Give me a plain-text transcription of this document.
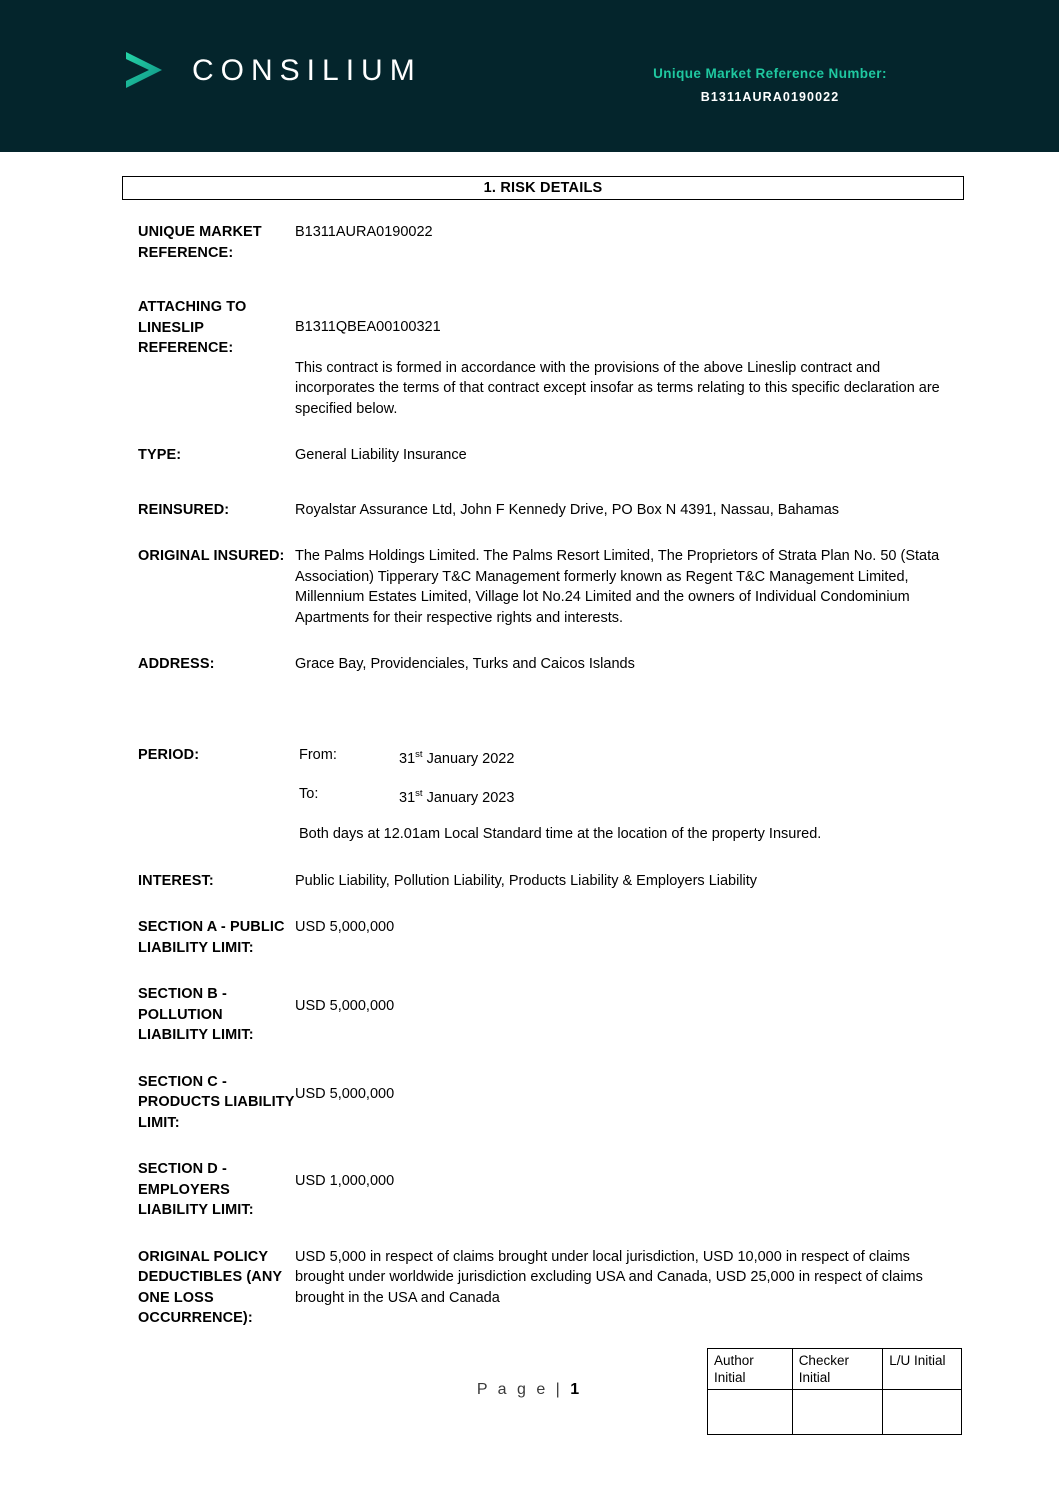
CONSILIUM	Unique Market Reference Number:
B1311AURA0190022
1. RISK DETAILS
UNIQUE MARKET REFERENCE:
B1311AURA0190022
ATTACHING TO LINESLIP REFERENCE:
B1311QBEA00100321
This contract is formed in accordance with the provisions of the above Lineslip contract and incorporates the terms of that contract except insofar as terms relating to this specific declaration are specified below.
TYPE:	General Liability Insurance
REINSURED:	Royalstar Assurance Ltd, John F Kennedy Drive, PO Box N 4391, Nassau, Bahamas
ORIGINAL INSURED: The Palms Holdings Limited. The Palms Resort Limited, The Proprietors of Strata Plan No. 50 (Stata Association) Tipperary T&C Management formerly known as Regent T&C Management Limited, Millennium Estates Limited, Village lot No.24 Limited and the owners of Individual Condominium Apartments for their respective rights and interests.
ADDRESS:	Grace Bay, Providenciales, Turks and Caicos Islands
PERIOD:	From:	31st January 2022
To:	31st January 2023
Both days at 12.01am Local Standard time at the location of the property Insured.
INTEREST:	Public Liability, Pollution Liability, Products Liability & Employers Liability
SECTION A - PUBLIC LIABILITY LIMIT:
USD 5,000,000
SECTION B - POLLUTION LIABILITY LIMIT:
USD 5,000,000
SECTION C - PRODUCTS LIABILITY LIMIT:
USD 5,000,000
SECTION D - EMPLOYERS LIABILITY LIMIT:
USD 1,000,000
ORIGINAL POLICY DEDUCTIBLES (ANY ONE LOSS OCCURRENCE):
USD 5,000 in respect of claims brought under local jurisdiction, USD 10,000 in respect of claims brought under worldwide jurisdiction excluding USA and Canada, USD 25,000 in respect of claims brought in the USA and Canada
P a g e | 1
Author Initial	Checker Initial	L/U Initial
